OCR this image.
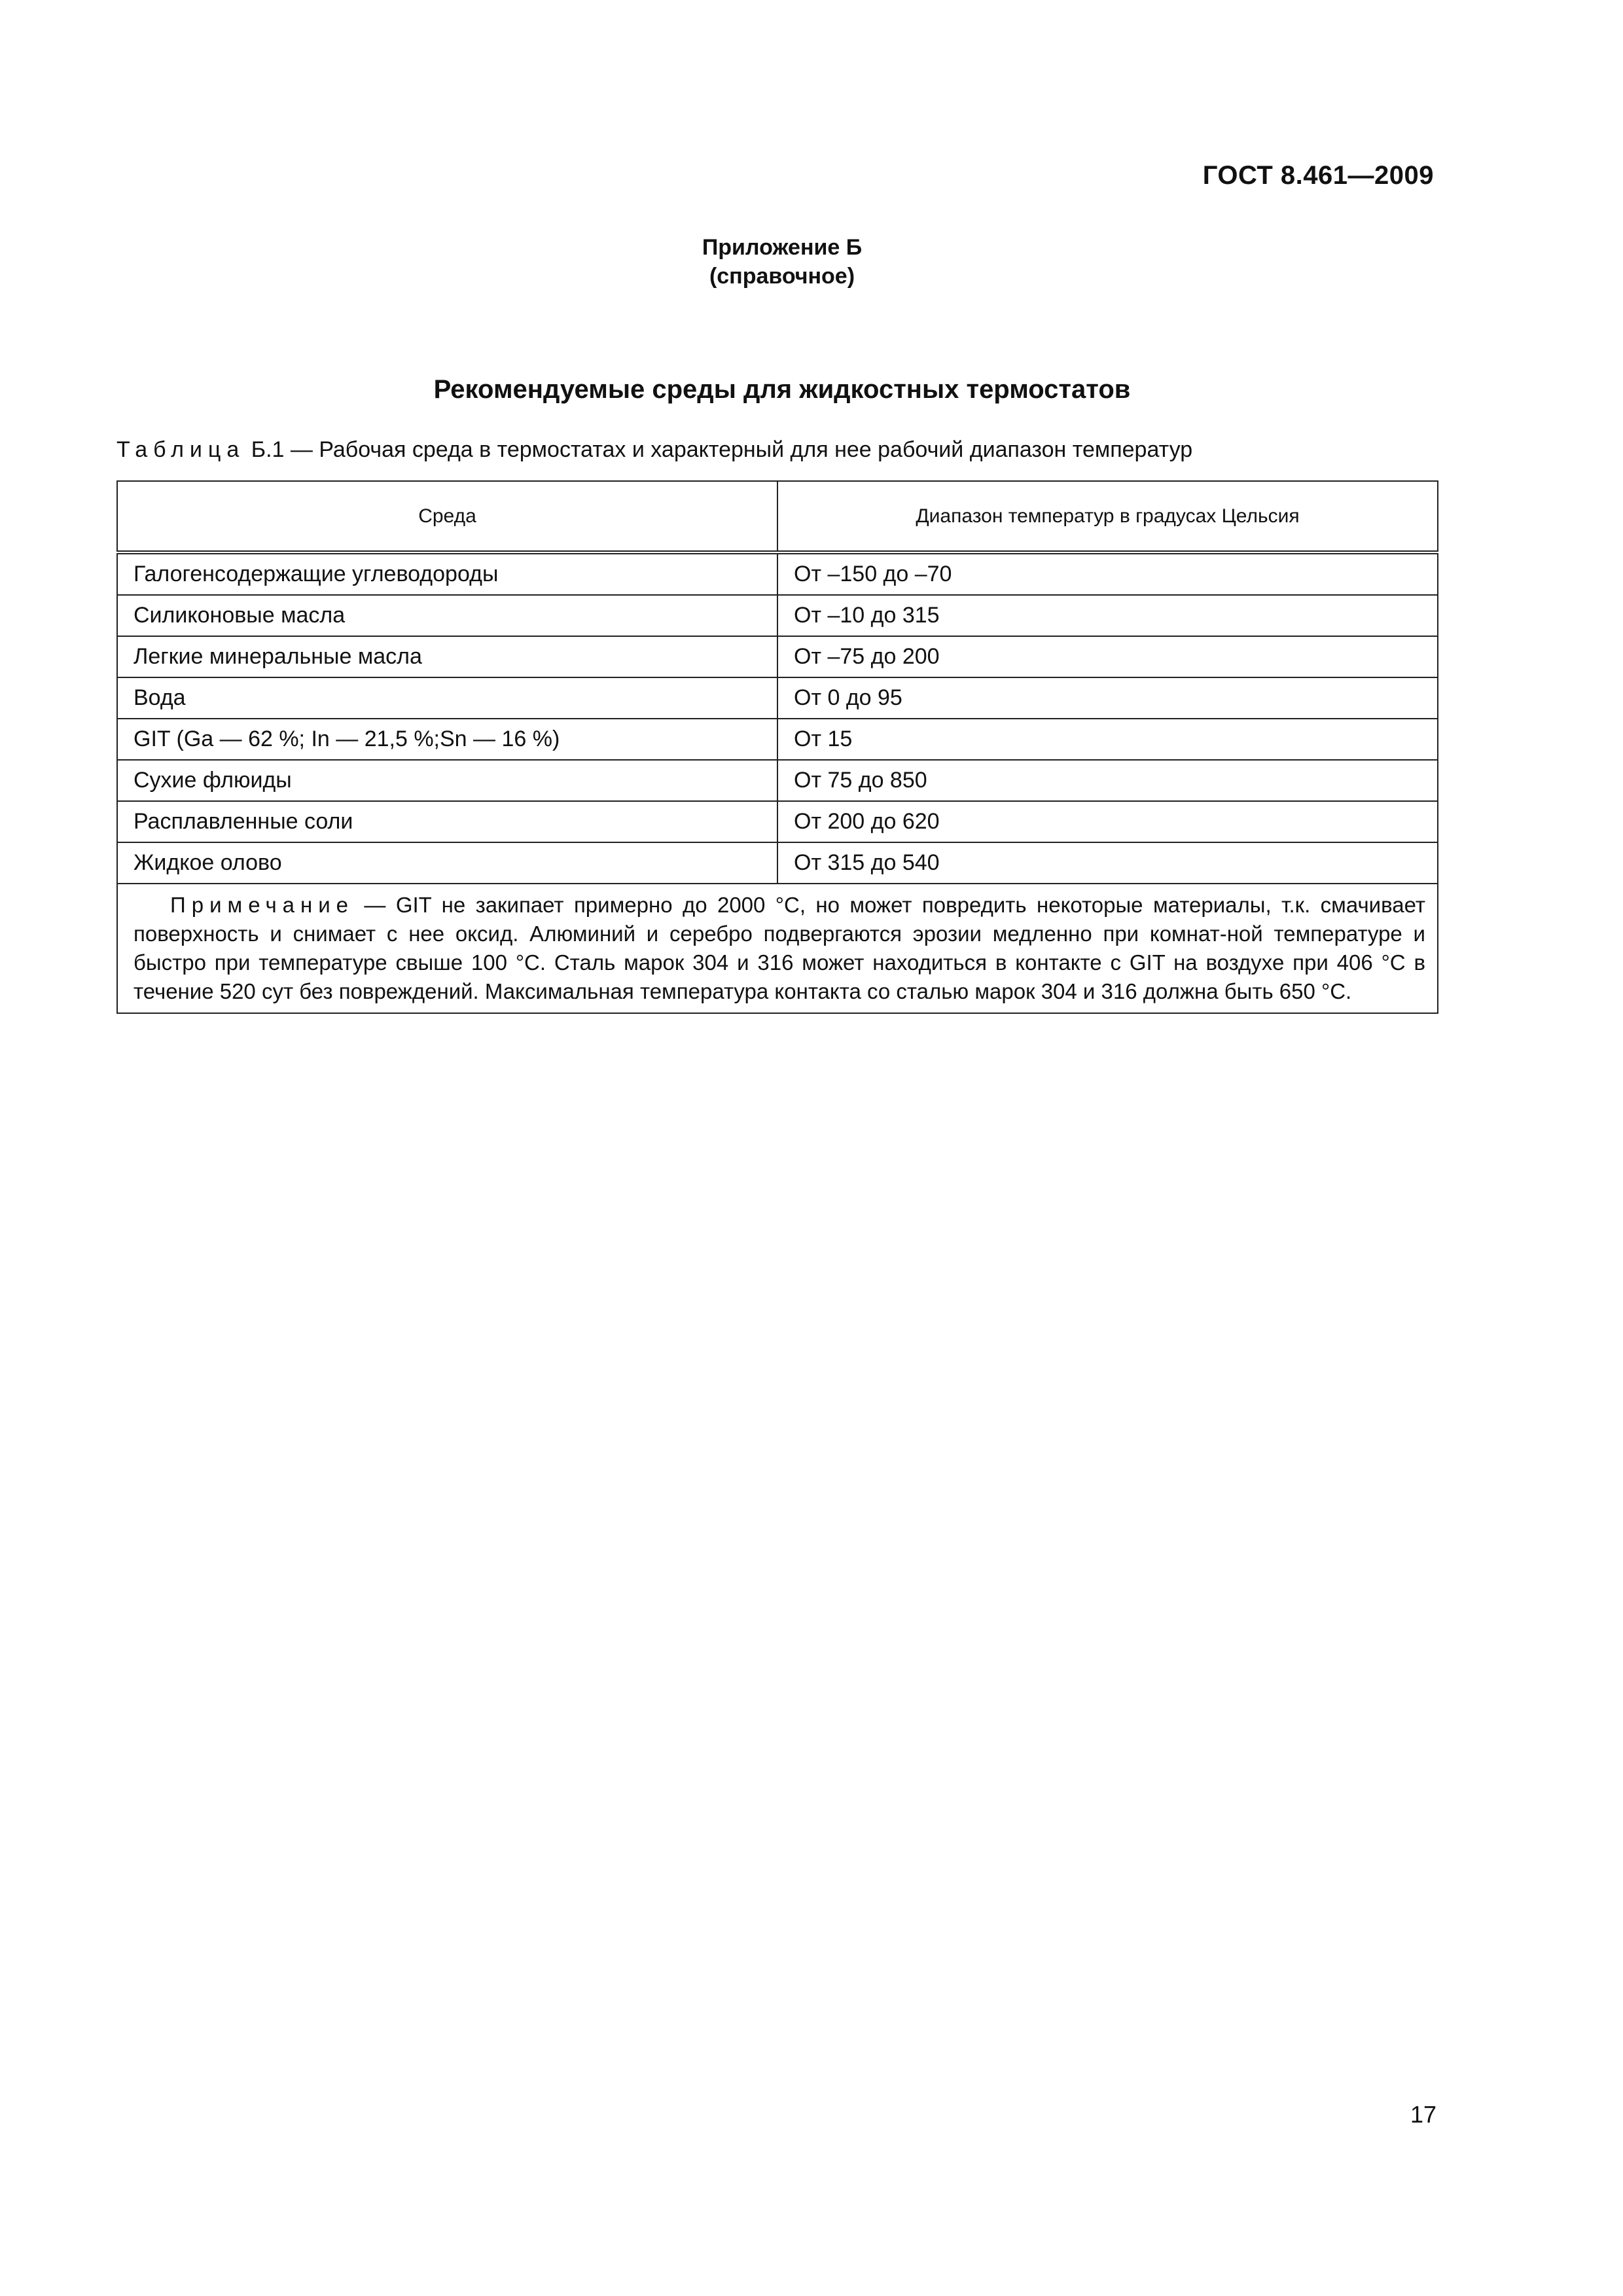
ГОСТ 8.461—2009
Приложение Б
(справочное)
Рекомендуемые среды для жидкостных термостатов
Таблица Б.1 — Рабочая среда в термостатах и характерный для нее рабочий диапазон температур
Среда	Диапазон температур в градусах Цельсия
Галогенсодержащие углеводороды	От –150 до –70
Силиконовые масла	От –10 до 315
Легкие минеральные масла	От –75 до 200
Вода	От 0 до 95
GIT (Ga — 62 %; In — 21,5 %;Sn — 16 %)	От 15
Сухие флюиды	От 75 до 850
Расплавленные соли	От 200 до 620
Жидкое олово	От 315 до 540
Примечание — GIT не закипает примерно до 2000 °С, но может повредить некоторые материалы, т.к. смачивает поверхность и снимает с нее оксид. Алюминий и серебро подвергаются эрозии медленно при комнат-ной температуре и быстро при температуре свыше 100 °С. Сталь марок 304 и 316 может находиться в контакте с GIT на воздухе при 406 °С в течение 520 сут без повреждений. Максимальная температура контакта со сталью марок 304 и 316 должна быть 650 °С.	
17
